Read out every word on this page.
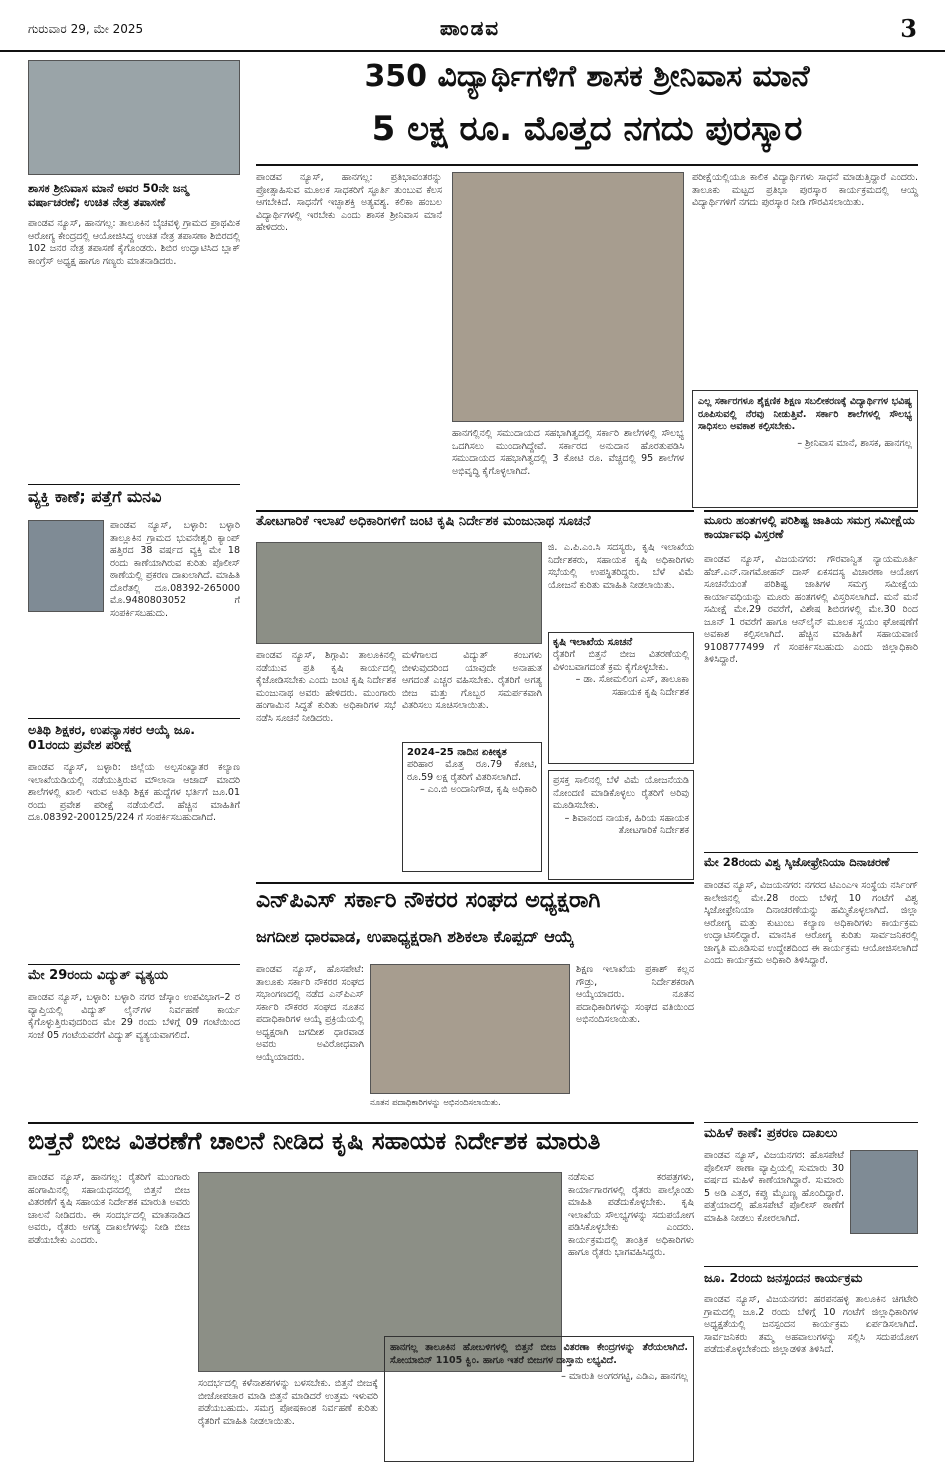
ಗುರುವಾರ 29, ಮೇ 2025	ಪಾಂಡವ	3
350 ವಿದ್ಯಾರ್ಥಿಗಳಿಗೆ ಶಾಸಕ ಶ್ರೀನಿವಾಸ ಮಾನೆ
5 ಲಕ್ಷ ರೂ. ಮೊತ್ತದ ನಗದು ಪುರಸ್ಕಾರ
ಶಾಸಕ ಶ್ರೀನಿವಾಸ ಮಾನೆ ಅವರ 50ನೇ ಜನ್ಮ ವರ್ಷಾಚರಣೆ; ಉಚಿತ ನೇತ್ರ ತಪಾಸಣೆ
ಪಾಂಡವ ನ್ಯೂಸ್, ಹಾನಗಲ್ಲ: ತಾಲೂಕಿನ ಬೈಚವಳ್ಳಿ ಗ್ರಾಮದ ಪ್ರಾಥಮಿಕ ಆರೋಗ್ಯ ಕೇಂದ್ರದಲ್ಲಿ ಆಯೋಜಿಸಿದ್ದ ಉಚಿತ ನೇತ್ರ ತಪಾಸಣಾ ಶಿಬಿರದಲ್ಲಿ 102 ಜನರ ನೇತ್ರ ತಪಾಸಣೆ ಕೈಗೊಂಡರು. ಶಿಬಿರ ಉದ್ಘಾಟಿಸಿದ ಬ್ಲಾಕ್ ಕಾಂಗ್ರೆಸ್ ಅಧ್ಯಕ್ಷ ಹಾಗೂ ಗಣ್ಯರು ಮಾತನಾಡಿದರು.
ಪಾಂಡವ ನ್ಯೂಸ್, ಹಾನಗಲ್ಲ: ಪ್ರತಿಭಾವಂತರನ್ನು ಪ್ರೋತ್ಸಾಹಿಸುವ ಮೂಲಕ ಸಾಧಕರಿಗೆ ಸ್ಫೂರ್ತಿ ತುಂಬುವ ಕೆಲಸ ಆಗಬೇಕಿದೆ. ಸಾಧನೆಗೆ ಇಚ್ಛಾಶಕ್ತಿ ಅತ್ಯವಶ್ಯ. ಕಲಿಕಾ ಹಂಬಲ ವಿದ್ಯಾರ್ಥಿಗಳಲ್ಲಿ ಇರಬೇಕು ಎಂದು ಶಾಸಕ ಶ್ರೀನಿವಾಸ ಮಾನೆ ಹೇಳಿದರು.
ಹಾನಗಲ್ಲಿನಲ್ಲಿ ಸಮುದಾಯದ ಸಹಭಾಗಿತ್ವದಲ್ಲಿ ಸರ್ಕಾರಿ ಶಾಲೆಗಳಲ್ಲಿ ಸೌಲಭ್ಯ ಒದಗಿಸಲು ಮುಂದಾಗಿದ್ದೇವೆ. ಸರ್ಕಾರದ ಅನುದಾನ ಹೊರತುಪಡಿಸಿ ಸಮುದಾಯದ ಸಹಭಾಗಿತ್ವದಲ್ಲಿ 3 ಕೋಟಿ ರೂ. ವೆಚ್ಚದಲ್ಲಿ 95 ಶಾಲೆಗಳ ಅಭಿವೃದ್ಧಿ ಕೈಗೊಳ್ಳಲಾಗಿದೆ.
ಪರೀಕ್ಷೆಯಲ್ಲಿಯೂ ಕಾಲಿಕ ವಿದ್ಯಾರ್ಥಿಗಳು ಸಾಧನೆ ಮಾಡುತ್ತಿದ್ದಾರೆ ಎಂದರು. ತಾಲೂಕು ಮಟ್ಟದ ಪ್ರತಿಭಾ ಪುರಸ್ಕಾರ ಕಾರ್ಯಕ್ರಮದಲ್ಲಿ ಆಯ್ದ ವಿದ್ಯಾರ್ಥಿಗಳಿಗೆ ನಗದು ಪುರಸ್ಕಾರ ನೀಡಿ ಗೌರವಿಸಲಾಯಿತು.
ಎಲ್ಲ ಸರ್ಕಾರಗಳೂ ಶೈಕ್ಷಣಿಕ ಶಿಕ್ಷಣ ಸಬಲೀಕರಣಕ್ಕೆ ವಿದ್ಯಾರ್ಥಿಗಳ ಭವಿಷ್ಯ ರೂಪಿಸುವಲ್ಲಿ ನೆರವು ನೀಡುತ್ತಿವೆ. ಸರ್ಕಾರಿ ಶಾಲೆಗಳಲ್ಲಿ ಸೌಲಭ್ಯ ಸಾಧಿಸಲು ಅವಕಾಶ ಕಲ್ಪಿಸಬೇಕು.
– ಶ್ರೀನಿವಾಸ ಮಾನೆ, ಶಾಸಕ, ಹಾನಗಲ್ಲ
ವ್ಯಕ್ತಿ ಕಾಣೆ; ಪತ್ತೆಗೆ ಮನವಿ
ಪಾಂಡವ ನ್ಯೂಸ್, ಬಳ್ಳಾರಿ: ಬಳ್ಳಾರಿ ತಾಲ್ಲೂಕಿನ ಗ್ರಾಮದ ಭುವನೇಶ್ವರಿ ಕ್ಯಾಂಪ್ ಹತ್ತಿರದ 38 ವರ್ಷದ ವ್ಯಕ್ತಿ ಮೇ 18 ರಂದು ಕಾಣೆಯಾಗಿರುವ ಕುರಿತು ಪೊಲೀಸ್ ಠಾಣೆಯಲ್ಲಿ ಪ್ರಕರಣ ದಾಖಲಾಗಿದೆ. ಮಾಹಿತಿ ದೊರೆತಲ್ಲಿ ದೂ.08392-265000 ಮೊ.9480803052 ಗೆ ಸಂಪರ್ಕಿಸಬಹುದು.
ಅತಿಥಿ ಶಿಕ್ಷಕರ, ಉಪನ್ಯಾಸಕರ ಆಯ್ಕೆ ಜೂ. 01ರಂದು ಪ್ರವೇಶ ಪರೀಕ್ಷೆ
ಪಾಂಡವ ನ್ಯೂಸ್, ಬಳ್ಳಾರಿ: ಜಿಲ್ಲೆಯ ಅಲ್ಪಸಂಖ್ಯಾತರ ಕಲ್ಯಾಣ ಇಲಾಖೆಯಡಿಯಲ್ಲಿ ನಡೆಯುತ್ತಿರುವ ಮೌಲಾನಾ ಆಜಾದ್ ಮಾದರಿ ಶಾಲೆಗಳಲ್ಲಿ ಖಾಲಿ ಇರುವ ಅತಿಥಿ ಶಿಕ್ಷಕ ಹುದ್ದೆಗಳ ಭರ್ತಿಗೆ ಜೂ.01 ರಂದು ಪ್ರವೇಶ ಪರೀಕ್ಷೆ ನಡೆಯಲಿದೆ. ಹೆಚ್ಚಿನ ಮಾಹಿತಿಗೆ ದೂ.08392-200125/224 ಗೆ ಸಂಪರ್ಕಿಸಬಹುದಾಗಿದೆ.
ಮೇ 29ರಂದು ವಿದ್ಯುತ್ ವ್ಯತ್ಯಯ
ಪಾಂಡವ ನ್ಯೂಸ್, ಬಳ್ಳಾರಿ: ಬಳ್ಳಾರಿ ನಗರ ಜೆಸ್ಕಾಂ ಉಪವಿಭಾಗ–2 ರ ವ್ಯಾಪ್ತಿಯಲ್ಲಿ ವಿದ್ಯುತ್ ಲೈನ್‌ಗಳ ನಿರ್ವಹಣೆ ಕಾರ್ಯ ಕೈಗೊಳ್ಳುತ್ತಿರುವುದರಿಂದ ಮೇ 29 ರಂದು ಬೆಳಿಗ್ಗೆ 09 ಗಂಟೆಯಿಂದ ಸಂಜೆ 05 ಗಂಟೆಯವರೆಗೆ ವಿದ್ಯುತ್ ವ್ಯತ್ಯಯವಾಗಲಿದೆ.
ತೋಟಗಾರಿಕೆ ಇಲಾಖೆ ಅಧಿಕಾರಿಗಳಿಗೆ ಜಂಟಿ ಕೃಷಿ ನಿರ್ದೇಶಕ ಮಂಜುನಾಥ ಸೂಚನೆ
ಪಾಂಡವ ನ್ಯೂಸ್, ಶಿಗ್ಗಾವಿ: ತಾಲೂಕಿನಲ್ಲಿ ನಡೆಯುವ ಪ್ರತಿ ಕೃಷಿ ಕಾರ್ಯದಲ್ಲಿ ಕೈಜೋಡಿಸಬೇಕು ಎಂದು ಜಂಟಿ ಕೃಷಿ ನಿರ್ದೇಶಕ ಮಂಜುನಾಥ ಅವರು ಹೇಳಿದರು. ಮುಂಗಾರು ಹಂಗಾಮಿನ ಸಿದ್ಧತೆ ಕುರಿತು ಅಧಿಕಾರಿಗಳ ಸಭೆ ನಡೆಸಿ ಸೂಚನೆ ನೀಡಿದರು.
ಮಳೆಗಾಲದ ವಿದ್ಯುತ್ ಕಂಬಗಳು ಬೀಳುವುದರಿಂದ ಯಾವುದೇ ಅನಾಹುತ ಆಗದಂತೆ ಎಚ್ಚರ ವಹಿಸಬೇಕು. ರೈತರಿಗೆ ಅಗತ್ಯ ಬೀಜ ಮತ್ತು ಗೊಬ್ಬರ ಸಮರ್ಪಕವಾಗಿ ವಿತರಿಸಲು ಸೂಚಿಸಲಾಯಿತು.
ಜಿ. ಎ.ಪಿ.ಎಂ.ಸಿ ಸದಸ್ಯರು, ಕೃಷಿ ಇಲಾಖೆಯ ನಿರ್ದೇಶಕರು, ಸಹಾಯಕ ಕೃಷಿ ಅಧಿಕಾರಿಗಳು ಸಭೆಯಲ್ಲಿ ಉಪಸ್ಥಿತರಿದ್ದರು. ಬೆಳೆ ವಿಮೆ ಯೋಜನೆ ಕುರಿತು ಮಾಹಿತಿ ನೀಡಲಾಯಿತು.
ಕೃಷಿ ಇಲಾಖೆಯ ಸೂಚನೆ
ರೈತರಿಗೆ ಬಿತ್ತನೆ ಬೀಜ ವಿತರಣೆಯಲ್ಲಿ ವಿಳಂಬವಾಗದಂತೆ ಕ್ರಮ ಕೈಗೊಳ್ಳಬೇಕು.
– ಡಾ. ಸೋಮಲಿಂಗ ಎಸ್, ತಾಲೂಕಾ ಸಹಾಯಕ ಕೃಷಿ ನಿರ್ದೇಶಕ
2024–25 ನಾದಿನ ಏಕೀಕೃತ
ಪರಿಹಾರ ಮೊತ್ತ ರೂ.79 ಕೋಟಿ, ರೂ.59 ಲಕ್ಷ ರೈತರಿಗೆ ವಿತರಿಸಲಾಗಿದೆ.
– ಎಂ.ಬಿ ಅಂದಾನಿಗೌಡ, ಕೃಷಿ ಅಧಿಕಾರಿ
ಪ್ರಸಕ್ತ ಸಾಲಿನಲ್ಲಿ ಬೆಳೆ ವಿಮೆ ಯೋಜನೆಯಡಿ ನೋಂದಣಿ ಮಾಡಿಕೊಳ್ಳಲು ರೈತರಿಗೆ ಅರಿವು ಮೂಡಿಸಬೇಕು.
– ಶಿವಾನಂದ ನಾಯಕ, ಹಿರಿಯ ಸಹಾಯಕ ತೋಟಗಾರಿಕೆ ನಿರ್ದೇಶಕ
ಮೂರು ಹಂತಗಳಲ್ಲಿ ಪರಿಶಿಷ್ಟ ಜಾತಿಯ ಸಮಗ್ರ ಸಮೀಕ್ಷೆಯ ಕಾರ್ಯಾವಧಿ ವಿಸ್ತರಣೆ
ಪಾಂಡವ ನ್ಯೂಸ್, ವಿಜಯನಗರ: ಗೌರವಾನ್ವಿತ ನ್ಯಾಯಮೂರ್ತಿ ಹೆಚ್.ಎನ್.ನಾಗಮೋಹನ್ ದಾಸ್ ಏಕಸದಸ್ಯ ವಿಚಾರಣಾ ಆಯೋಗ ಸೂಚನೆಯಂತೆ ಪರಿಶಿಷ್ಟ ಜಾತಿಗಳ ಸಮಗ್ರ ಸಮೀಕ್ಷೆಯ ಕಾರ್ಯಾವಧಿಯನ್ನು ಮೂರು ಹಂತಗಳಲ್ಲಿ ವಿಸ್ತರಿಸಲಾಗಿದೆ. ಮನೆ ಮನೆ ಸಮೀಕ್ಷೆ ಮೇ.29 ರವರೆಗೆ, ವಿಶೇಷ ಶಿಬಿರಗಳಲ್ಲಿ ಮೇ.30 ರಿಂದ ಜೂನ್ 1 ರವರೆಗೆ ಹಾಗೂ ಆನ್‌ಲೈನ್ ಮೂಲಕ ಸ್ವಯಂ ಘೋಷಣೆಗೆ ಅವಕಾಶ ಕಲ್ಪಿಸಲಾಗಿದೆ. ಹೆಚ್ಚಿನ ಮಾಹಿತಿಗೆ ಸಹಾಯವಾಣಿ 9108777499 ಗೆ ಸಂಪರ್ಕಿಸಬಹುದು ಎಂದು ಜಿಲ್ಲಾಧಿಕಾರಿ ತಿಳಿಸಿದ್ದಾರೆ.
ಮೇ 28ರಂದು ವಿಶ್ವ ಸ್ಕಿಜೋಫ್ರೇನಿಯಾ ದಿನಾಚರಣೆ
ಪಾಂಡವ ನ್ಯೂಸ್, ವಿಜಯನಗರ: ನಗರದ ಟಿಎಂಎಇ ಸಂಸ್ಥೆಯ ನರ್ಸಿಂಗ್ ಕಾಲೇಜಿನಲ್ಲಿ ಮೇ.28 ರಂದು ಬೆಳಿಗ್ಗೆ 10 ಗಂಟೆಗೆ ವಿಶ್ವ ಸ್ಕಿಜೋಫ್ರೇನಿಯಾ ದಿನಾಚರಣೆಯನ್ನು ಹಮ್ಮಿಕೊಳ್ಳಲಾಗಿದೆ. ಜಿಲ್ಲಾ ಆರೋಗ್ಯ ಮತ್ತು ಕುಟುಂಬ ಕಲ್ಯಾಣ ಅಧಿಕಾರಿಗಳು ಕಾರ್ಯಕ್ರಮ ಉದ್ಘಾಟಿಸಲಿದ್ದಾರೆ. ಮಾನಸಿಕ ಆರೋಗ್ಯ ಕುರಿತು ಸಾರ್ವಜನಿಕರಲ್ಲಿ ಜಾಗೃತಿ ಮೂಡಿಸುವ ಉದ್ದೇಶದಿಂದ ಈ ಕಾರ್ಯಕ್ರಮ ಆಯೋಜಿಸಲಾಗಿದೆ ಎಂದು ಕಾರ್ಯಕ್ರಮ ಅಧಿಕಾರಿ ತಿಳಿಸಿದ್ದಾರೆ.
ಎನ್‌ಪಿಎಸ್ ಸರ್ಕಾರಿ ನೌಕರರ ಸಂಘದ ಅಧ್ಯಕ್ಷರಾಗಿ
ಜಗದೀಶ ಧಾರವಾಡ, ಉಪಾಧ್ಯಕ್ಷರಾಗಿ ಶಶಿಕಲಾ ಕೊಪ್ಪದ್ ಆಯ್ಕೆ
ಪಾಂಡವ ನ್ಯೂಸ್, ಹೊಸಪೇಟೆ: ತಾಲೂಕು ಸರ್ಕಾರಿ ನೌಕರರ ಸಂಘದ ಸಭಾಂಗಣದಲ್ಲಿ ನಡೆದ ಎನ್‌ಪಿಎಸ್ ಸರ್ಕಾರಿ ನೌಕರರ ಸಂಘದ ನೂತನ ಪದಾಧಿಕಾರಿಗಳ ಆಯ್ಕೆ ಪ್ರಕ್ರಿಯೆಯಲ್ಲಿ ಅಧ್ಯಕ್ಷರಾಗಿ ಜಗದೀಶ ಧಾರವಾಡ ಅವರು ಅವಿರೋಧವಾಗಿ ಆಯ್ಕೆಯಾದರು.
ನೂತನ ಪದಾಧಿಕಾರಿಗಳನ್ನು ಅಭಿನಂದಿಸಲಾಯಿತು.
ಶಿಕ್ಷಣ ಇಲಾಖೆಯ ಪ್ರಕಾಶ್ ಕಲ್ಲನ ಗೌಡ್ರು, ನಿರ್ದೇಶಕರಾಗಿ ಆಯ್ಕೆಯಾದರು. ನೂತನ ಪದಾಧಿಕಾರಿಗಳನ್ನು ಸಂಘದ ವತಿಯಿಂದ ಅಭಿನಂದಿಸಲಾಯಿತು.
ಬಿತ್ತನೆ ಬೀಜ ವಿತರಣೆಗೆ ಚಾಲನೆ ನೀಡಿದ ಕೃಷಿ ಸಹಾಯಕ ನಿರ್ದೇಶಕ ಮಾರುತಿ
ಪಾಂಡವ ನ್ಯೂಸ್, ಹಾನಗಲ್ಲ: ರೈತರಿಗೆ ಮುಂಗಾರು ಹಂಗಾಮಿನಲ್ಲಿ ಸಹಾಯಧನದಲ್ಲಿ ಬಿತ್ತನೆ ಬೀಜ ವಿತರಣೆಗೆ ಕೃಷಿ ಸಹಾಯಕ ನಿರ್ದೇಶಕ ಮಾರುತಿ ಅವರು ಚಾಲನೆ ನೀಡಿದರು. ಈ ಸಂದರ್ಭದಲ್ಲಿ ಮಾತನಾಡಿದ ಅವರು, ರೈತರು ಅಗತ್ಯ ದಾಖಲೆಗಳನ್ನು ನೀಡಿ ಬೀಜ ಪಡೆಯಬೇಕು ಎಂದರು.
ಸಂದರ್ಭದಲ್ಲಿ ಕಳೆನಾಶಕಗಳನ್ನು ಬಳಸಬೇಕು. ಬಿತ್ತನೆ ಬೀಜಕ್ಕೆ ಬೀಜೋಪಚಾರ ಮಾಡಿ ಬಿತ್ತನೆ ಮಾಡಿದರೆ ಉತ್ತಮ ಇಳುವರಿ ಪಡೆಯಬಹುದು. ಸಮಗ್ರ ಪೋಷಕಾಂಶ ನಿರ್ವಹಣೆ ಕುರಿತು ರೈತರಿಗೆ ಮಾಹಿತಿ ನೀಡಲಾಯಿತು.
ನಡೆಸುವ ಕರಪತ್ರಗಳು, ಕಾರ್ಯಾಗಾರಗಳಲ್ಲಿ ರೈತರು ಪಾಲ್ಗೊಂಡು ಮಾಹಿತಿ ಪಡೆದುಕೊಳ್ಳಬೇಕು. ಕೃಷಿ ಇಲಾಖೆಯ ಸೌಲಭ್ಯಗಳನ್ನು ಸದುಪಯೋಗ ಪಡಿಸಿಕೊಳ್ಳಬೇಕು ಎಂದರು. ಕಾರ್ಯಕ್ರಮದಲ್ಲಿ ತಾಂತ್ರಿಕ ಅಧಿಕಾರಿಗಳು ಹಾಗೂ ರೈತರು ಭಾಗವಹಿಸಿದ್ದರು.
ಹಾನಗಲ್ಲ ತಾಲೂಕಿನ ಹೋಬಳಿಗಳಲ್ಲಿ ಬಿತ್ತನೆ ಬೀಜ ವಿತರಣಾ ಕೇಂದ್ರಗಳನ್ನು ತೆರೆಯಲಾಗಿದೆ. ಸೋಯಾಬಿನ್ 1105 ಕ್ವಿಂ. ಹಾಗೂ ಇತರೆ ಬೀಜಗಳ ದಾಸ್ತಾನು ಲಭ್ಯವಿದೆ.
– ಮಾರುತಿ ಅಂಗರಗಟ್ಟಿ, ಎಡಿಎ, ಹಾನಗಲ್ಲ
ಮಹಿಳೆ ಕಾಣೆ: ಪ್ರಕರಣ ದಾಖಲು
ಪಾಂಡವ ನ್ಯೂಸ್, ವಿಜಯನಗರ: ಹೊಸಪೇಟೆ ಪೊಲೀಸ್ ಠಾಣಾ ವ್ಯಾಪ್ತಿಯಲ್ಲಿ ಸುಮಾರು 30 ವರ್ಷದ ಮಹಿಳೆ ಕಾಣೆಯಾಗಿದ್ದಾರೆ. ಸುಮಾರು 5 ಅಡಿ ಎತ್ತರ, ಕಪ್ಪು ಮೈಬಣ್ಣ ಹೊಂದಿದ್ದಾರೆ. ಪತ್ತೆಯಾದಲ್ಲಿ ಹೊಸಪೇಟೆ ಪೊಲೀಸ್ ಠಾಣೆಗೆ ಮಾಹಿತಿ ನೀಡಲು ಕೋರಲಾಗಿದೆ.
ಜೂ. 2ರಂದು ಜನಸ್ಪಂದನ ಕಾರ್ಯಕ್ರಮ
ಪಾಂಡವ ನ್ಯೂಸ್, ವಿಜಯನಗರ: ಹರಪನಹಳ್ಳಿ ತಾಲೂಕಿನ ಚಿಗಟೇರಿ ಗ್ರಾಮದಲ್ಲಿ ಜೂ.2 ರಂದು ಬೆಳಿಗ್ಗೆ 10 ಗಂಟೆಗೆ ಜಿಲ್ಲಾಧಿಕಾರಿಗಳ ಅಧ್ಯಕ್ಷತೆಯಲ್ಲಿ ಜನಸ್ಪಂದನ ಕಾರ್ಯಕ್ರಮ ಏರ್ಪಡಿಸಲಾಗಿದೆ. ಸಾರ್ವಜನಿಕರು ತಮ್ಮ ಅಹವಾಲುಗಳನ್ನು ಸಲ್ಲಿಸಿ ಸದುಪಯೋಗ ಪಡೆದುಕೊಳ್ಳಬೇಕೆಂದು ಜಿಲ್ಲಾಡಳಿತ ತಿಳಿಸಿದೆ.
